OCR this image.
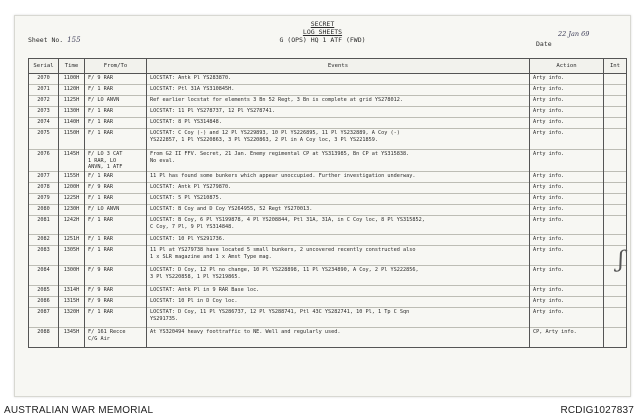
SECRET
LOG SHEETS
G (OPS) HQ 1 ATF (FWD)
Sheet No. 155
22 Jan 69
Date
Serial	Time	From/To	Events	Action	Int
2070	1100H	F/ 9 RAR	LOCSTAT: Antk Pl YS283870.	Arty info.	
2071	1120H	F/ 1 RAR	LOCSTAT: Ptl 31A YS310845H.	Arty info.	
2072	1125H	F/ LO ANVN	Ref earlier locstat for elements 3 Bn 52 Regt, 3 Bn is complete at grid YS278012.	Arty info.	
2073	1130H	F/ 1 RAR	LOCSTAT: 11 Pl YS278737, 12 Pl YS278741.	Arty info.	
2074	1140H	F/ 1 RAR	LOCSTAT: 8 Pl YS314848.	Arty info.	
2075	1150H	F/ 1 RAR	LOCSTAT: C Coy (-) and 12 Pl YS229893, 10 Pl YS226895, 11 Pl YS232889, A Coy (-)
YS222857, 1 Pl YS220863, 3 Pl YS220863, 2 Pl in A Coy loc, 3 Pl YS221859.	Arty info.	
2076	1145H	F/ LO 3 CAT
1 RAR, LO
ANVN, 1 ATF	From G2 II FFV. Secret, 21 Jan. Enemy regimental CP at YS313985, Bn CP at YS315838.
No eval.	Arty info.	
2077	1155H	F/ 1 RAR	11 Pl has found some bunkers which appear unoccupied. Further investigation underway.	Arty info.	
2078	1200H	F/ 9 RAR	LOCSTAT: Antk Pl YS279870.	Arty info.	
2079	1225H	F/ 1 RAR	LOCSTAT: 5 Pl YS210875.	Arty info.	
2080	1230H	F/ LO ANVN	LOCSTAT: B Coy and D Coy YS264955, 52 Regt YS270013.	Arty info.	
2081	1242H	F/ 1 RAR	LOCSTAT: B Coy, 6 Pl YS199878, 4 Pl YS208844, Ptl 31A, 31A, in C Coy loc, 8 Pl YS315852,
C Coy, 7 Pl, 9 Pl YS314848.	Arty info.	
2082	1251H	F/ 1 RAR	LOCSTAT: 10 Pl YS291736.	Arty info.	
2083	1305H	F/ 1 RAR	11 Pl at YS279738 have located 5 small bunkers, 2 uncovered recently constructed also
1 x SLR magazine and 1 x Amst Type mag.	Arty info.	
2084	1300H	F/ 9 RAR	LOCSTAT: D Coy, 12 Pl no change, 10 Pl YS228898, 11 Pl YS234890, A Coy, 2 Pl YS222856,
3 Pl YS220858, 1 Pl YS219865.	Arty info.	
2085	1314H	F/ 9 RAR	LOCSTAT: Antk Pl in 9 RAR Base loc.	Arty info.	
2086	1315H	F/ 9 RAR	LOCSTAT: 10 Pl in D Coy loc.	Arty info.	
2087	1320H	F/ 1 RAR	LOCSTAT: D Coy, 11 Pl YS286737, 12 Pl YS288741, Ptl 43C YS282741, 10 Pl, 1 Tp C Sqn
YS291735.	Arty info.	
2088	1345H	F/ 161 Recce
C/G Air	At YS320494 heavy foottraffic to NE. Well and regularly used.	CP, Arty info.	
ʃ
AUSTRALIAN WAR MEMORIAL	RCDIG1027837
